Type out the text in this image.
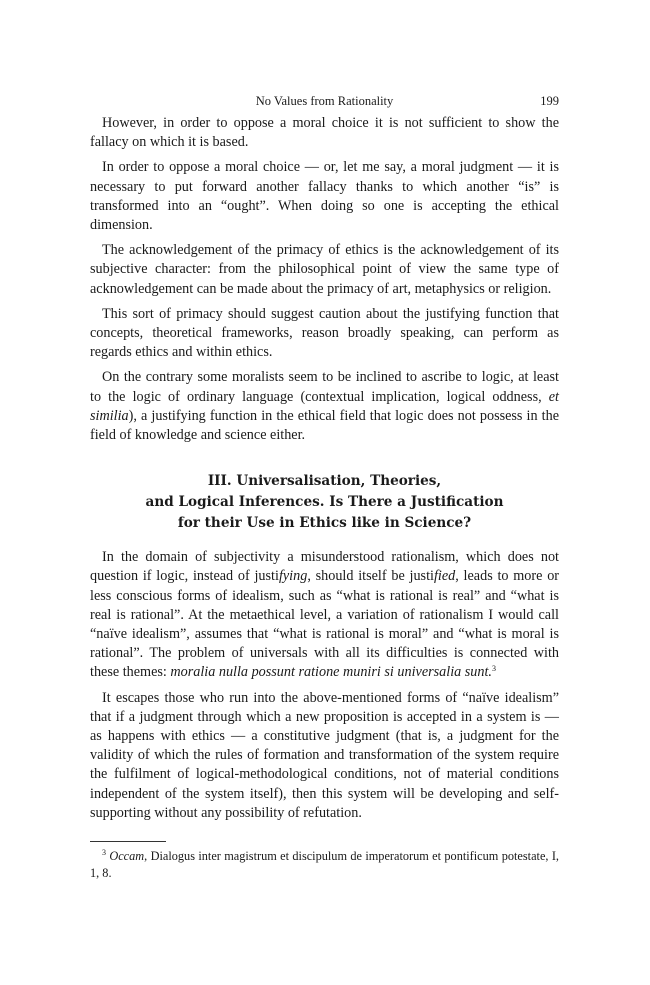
No Values from Rationality	199

However, in order to oppose a moral choice it is not sufficient to show the fallacy on which it is based.

In order to oppose a moral choice — or, let me say, a moral judgment — it is necessary to put forward another fallacy thanks to which another “is” is transformed into an “ought”. When doing so one is accepting the ethical dimension.

The acknowledgement of the primacy of ethics is the acknowledgement of its subjective character: from the philosophical point of view the same type of acknowledgement can be made about the primacy of art, metaphysics or religion.

This sort of primacy should suggest caution about the justifying function that concepts, theoretical frameworks, reason broadly speaking, can perform as regards ethics and within ethics.

On the contrary some moralists seem to be inclined to ascribe to logic, at least to the logic of ordinary language (contextual implication, logical oddness, et similia), a justifying function in the ethical field that logic does not possess in the field of knowledge and science either.

III. Universalisation, Theories,
and Logical Inferences. Is There a Justification
for their Use in Ethics like in Science?

In the domain of subjectivity a misunderstood rationalism, which does not question if logic, instead of justifying, should itself be justified, leads to more or less conscious forms of idealism, such as “what is rational is real” and “what is real is rational”. At the metaethical level, a variation of rationalism I would call “naïve idealism”, assumes that “what is rational is moral” and “what is moral is rational”. The problem of universals with all its difficulties is connected with these themes: moralia nulla possunt ratione muniri si universalia sunt.$^3$

It escapes those who run into the above-mentioned forms of “naïve idealism” that if a judgment through which a new proposition is accepted in a system is — as happens with ethics — a constitutive judgment (that is, a judgment for the validity of which the rules of formation and transformation of the system require the fulfilment of logical-methodological conditions, not of material conditions independent of the system itself), then this system will be developing and self-supporting without any possibility of refutation.

$^3$ Occam, Dialogus inter magistrum et discipulum de imperatorum et pontificum potestate, I, 1, 8.
